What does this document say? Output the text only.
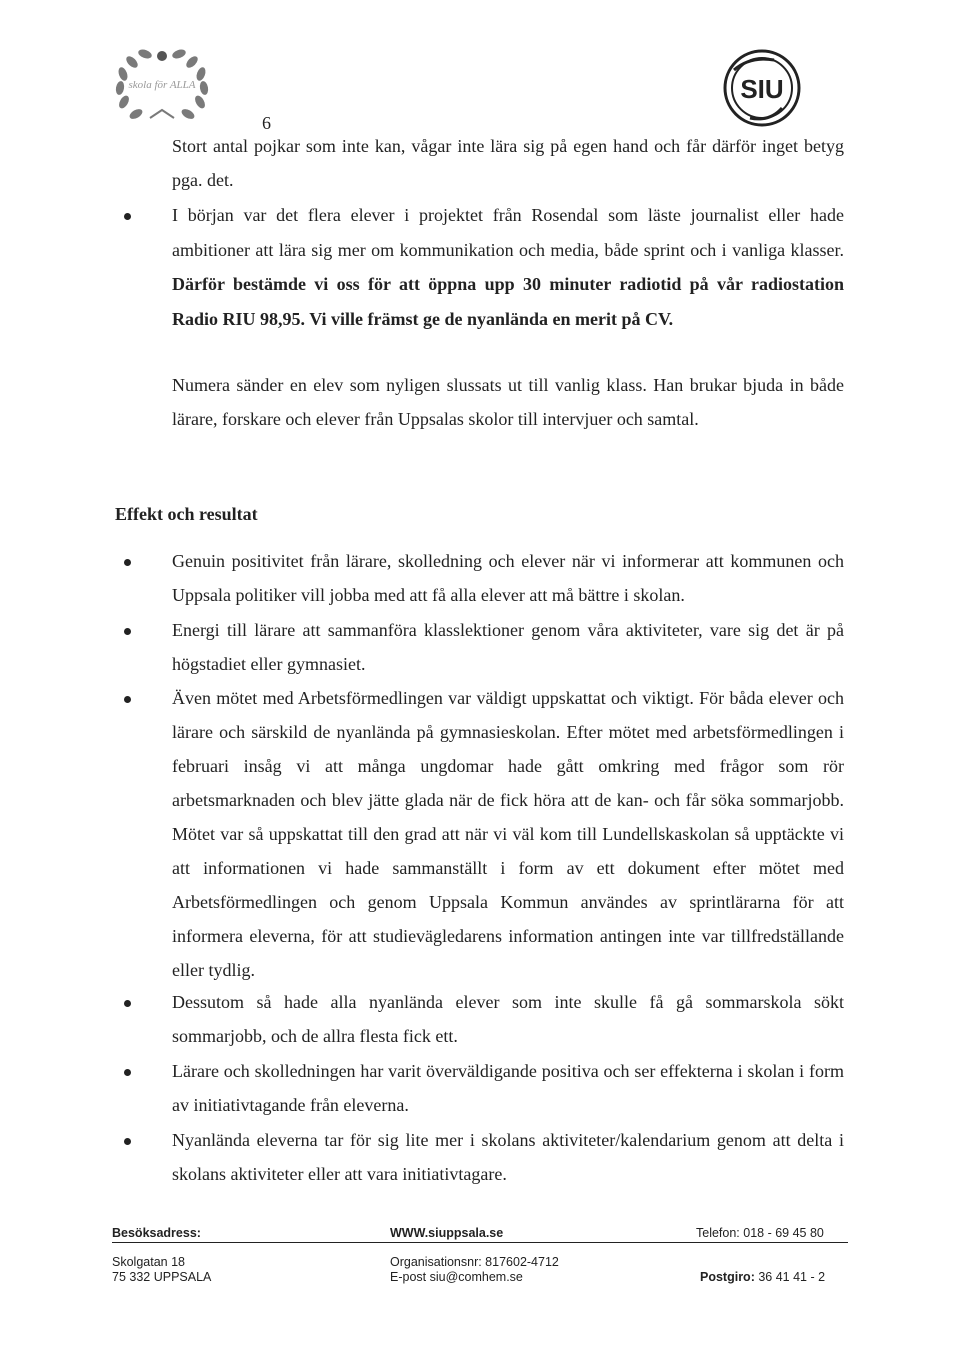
skola för ALLA	SIU

6

Stort antal pojkar som inte kan, vågar inte lära sig på egen hand och får därför inget betyg pga. det.

I början var det flera elever i projektet från Rosendal som läste journalist eller hade ambitioner att lära sig mer om kommunikation och media, både sprint och i vanliga klasser. Därför bestämde vi oss för att öppna upp 30 minuter radiotid på vår radiostation Radio RIU 98,95. Vi ville främst ge de nyanlända en merit på CV.

Numera sänder en elev som nyligen slussats ut till vanlig klass. Han brukar bjuda in både lärare, forskare och elever från Uppsalas skolor till intervjuer och samtal.

Effekt och resultat
Genuin positivitet från lärare, skolledning och elever när vi informerar att kommunen och Uppsala politiker vill jobba med att få alla elever att må bättre i skolan.
Energi till lärare att sammanföra klasslektioner genom våra aktiviteter, vare sig det är på högstadiet eller gymnasiet.
Även mötet med Arbetsförmedlingen var väldigt uppskattat och viktigt. För båda elever och lärare och särskild de nyanlända på gymnasieskolan. Efter mötet med arbetsförmedlingen i februari insåg vi att många ungdomar hade gått omkring med frågor som rör arbetsmarknaden och blev jätte glada när de fick höra att de kan- och får söka sommarjobb. Mötet var så uppskattat till den grad att när vi väl kom till Lundellskaskolan så upptäckte vi att informationen vi hade sammanställt i form av ett dokument efter mötet med Arbetsförmedlingen och genom Uppsala Kommun användes av sprintlärarna för att informera eleverna, för att studievägledarens information antingen inte var tillfredställande eller tydlig.
Dessutom så hade alla nyanlända elever som inte skulle få gå sommarskola sökt sommarjobb, och de allra flesta fick ett.
Lärare och skolledningen har varit överväldigande positiva och ser effekterna i skolan i form av initiativtagande från eleverna.
Nyanlända eleverna tar för sig lite mer i skolans aktiviteter/kalendarium genom att delta i skolans aktiviteter eller att vara initiativtagare.

Besöksadress:	WWW.siuppsala.se	Telefon: 018 - 69 45 80

Skolgatan 18

75 332 UPPSALA

Organisationsnr: 817602-4712

E-post siu@comhem.se	Postgiro: 36 41 41 - 2
